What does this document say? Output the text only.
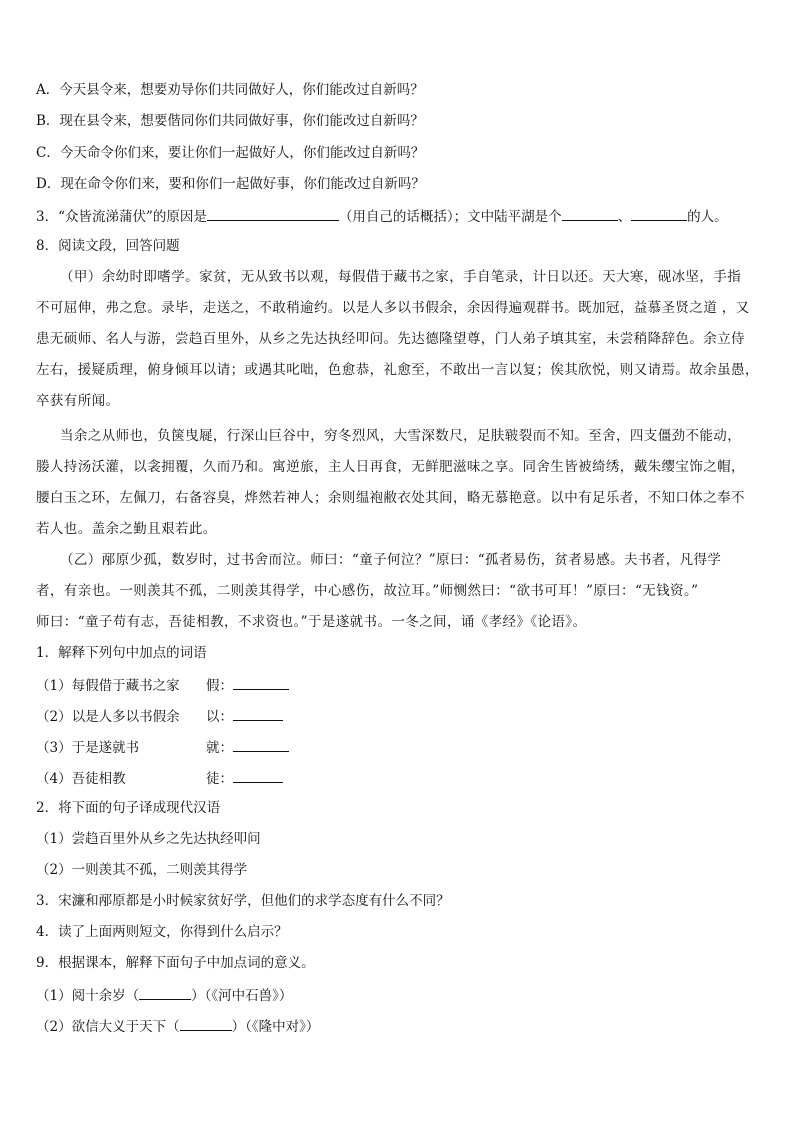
A．今天县令来，想要劝导你们共同做好人，你们能改过自新吗？
B．现在县令来，想要偕同你们共同做好事，你们能改过自新吗？
C．今天命令你们来，要让你们一起做好人，你们能改过自新吗？
D．现在命令你们来，要和你们一起做好事，你们能改过自新吗？
3．“众皆流涕蒲伏”的原因是	（用自己的话概括）；文中陆平湖是个	、	的人。
8．阅读文段，回答问题
（甲）余幼时即嗜学。家贫，无从致书以观，每假借于藏书之家，手自笔录，计日以还。天大寒，砚冰坚，手指
不可屈伸，弗之怠。录毕，走送之，不敢稍逾约。以是人多以书假余，余因得遍观群书。既加冠，益慕圣贤之道 ，又
患无硕师、名人与游，尝趋百里外，从乡之先达执经叩问。先达德隆望尊，门人弟子填其室，未尝稍降辞色。余立侍
左右，援疑质理，俯身倾耳以请；或遇其叱咄，色愈恭，礼愈至，不敢出一言以复；俟其欣悦，则又请焉。故余虽愚，
卒获有所闻。
当余之从师也，负箧曳屣，行深山巨谷中，穷冬烈风，大雪深数尺，足肤皲裂而不知。至舍，四支僵劲不能动，
媵人持汤沃灌，以衾拥覆，久而乃和。寓逆旅，主人日再食，无鲜肥滋味之享。同舍生皆被绮绣，戴朱缨宝饰之帽，
腰白玉之环，左佩刀，右备容臭，烨然若神人；余则缊袍敝衣处其间，略无慕艳意。以中有足乐者，不知口体之奉不
若人也。盖余之勤且艰若此。
（乙）邴原少孤，数岁时，过书舍而泣。师曰：“童子何泣？”原曰：“孤者易伤，贫者易感。夫书者，凡得学
者，有亲也。一则羡其不孤，二则羡其得学，中心感伤，故泣耳。”师恻然曰：“欲书可耳！”原曰：“无钱资。”
师曰：“童子苟有志，吾徒相教，不求资也。”于是遂就书。一冬之间，诵《孝经》《论语》。
1．解释下列句中加点的词语
（1）每假借于藏书之家 假：
（2）以是人多以书假余 以：
（3）于是遂就书	就：
（4）吾徒相教	徒：
2．将下面的句子译成现代汉语
（1）尝趋百里外从乡之先达执经叩问
（2）一则羡其不孤，二则羡其得学
3．宋濂和邴原都是小时候家贫好学，但他们的求学态度有什么不同？
4．读了上面两则短文，你得到什么启示？
9．根据课本，解释下面句子中加点词的意义。
（1）阅十余岁（	）（《河中石兽》）
（2）欲信大义于天下（	）（《隆中对》）
